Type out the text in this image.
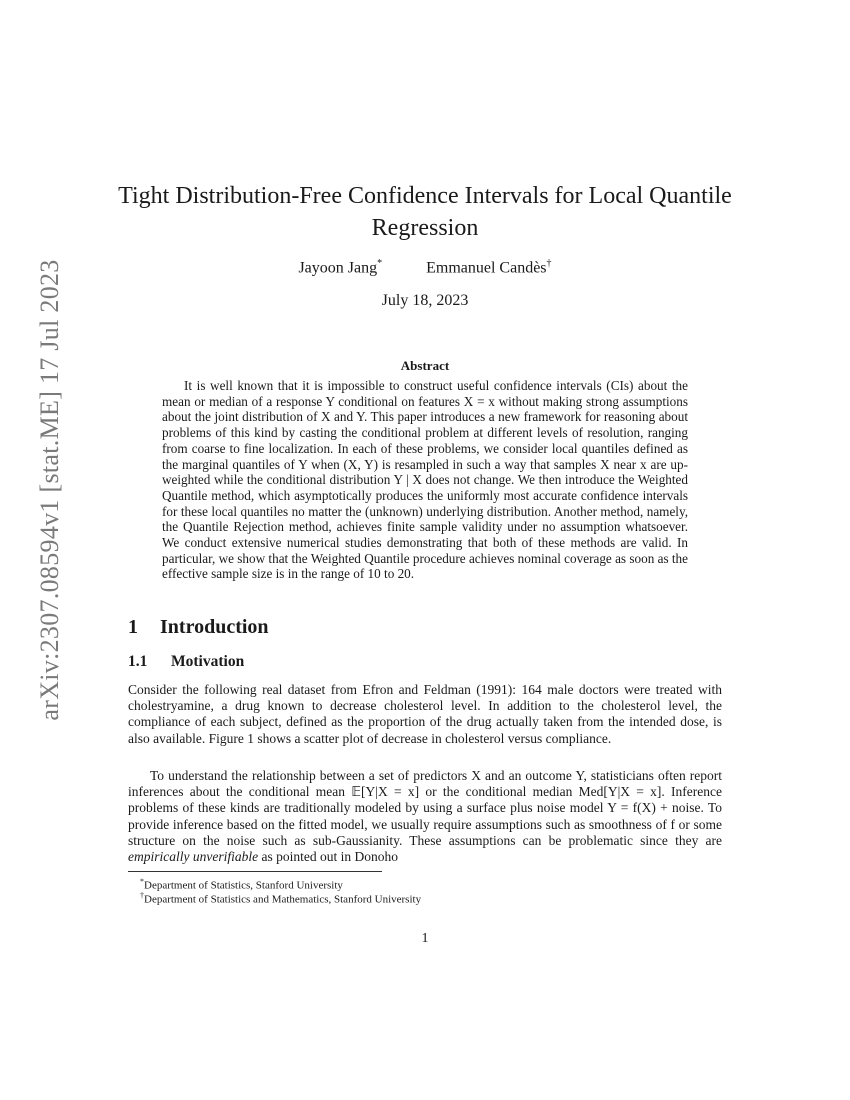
arXiv:2307.08594v1 [stat.ME] 17 Jul 2023
Tight Distribution-Free Confidence Intervals for Local Quantile Regression
Jayoon Jang*	Emmanuel Candès†
July 18, 2023
Abstract

It is well known that it is impossible to construct useful confidence intervals (CIs) about the mean or median of a response Y conditional on features X = x without making strong assumptions about the joint distribution of X and Y. This paper introduces a new framework for reasoning about problems of this kind by casting the conditional problem at different levels of resolution, ranging from coarse to fine localization. In each of these problems, we consider local quantiles defined as the marginal quantiles of Y when (X, Y) is resampled in such a way that samples X near x are up-weighted while the conditional distribution Y | X does not change. We then introduce the Weighted Quantile method, which asymptotically produces the uniformly most accurate confidence intervals for these local quantiles no matter the (unknown) underlying distribution. Another method, namely, the Quantile Rejection method, achieves finite sample validity under no assumption whatsoever. We conduct extensive numerical studies demonstrating that both of these methods are valid. In particular, we show that the Weighted Quantile procedure achieves nominal coverage as soon as the effective sample size is in the range of 10 to 20.

1 Introduction
1.1 Motivation

Consider the following real dataset from Efron and Feldman (1991): 164 male doctors were treated with cholestryamine, a drug known to decrease cholesterol level. In addition to the cholesterol level, the compliance of each subject, defined as the proportion of the drug actually taken from the intended dose, is also available. Figure 1 shows a scatter plot of decrease in cholesterol versus compliance.

To understand the relationship between a set of predictors X and an outcome Y, statisticians often report inferences about the conditional mean 𝔼[Y|X = x] or the conditional median Med[Y|X = x]. Inference problems of these kinds are traditionally modeled by using a surface plus noise model Y = f(X) + noise. To provide inference based on the fitted model, we usually require assumptions such as smoothness of f or some structure on the noise such as sub-Gaussianity. These assumptions can be problematic since they are empirically unverifiable as pointed out in Donoho

*Department of Statistics, Stanford University
†Department of Statistics and Mathematics, Stanford University
1
